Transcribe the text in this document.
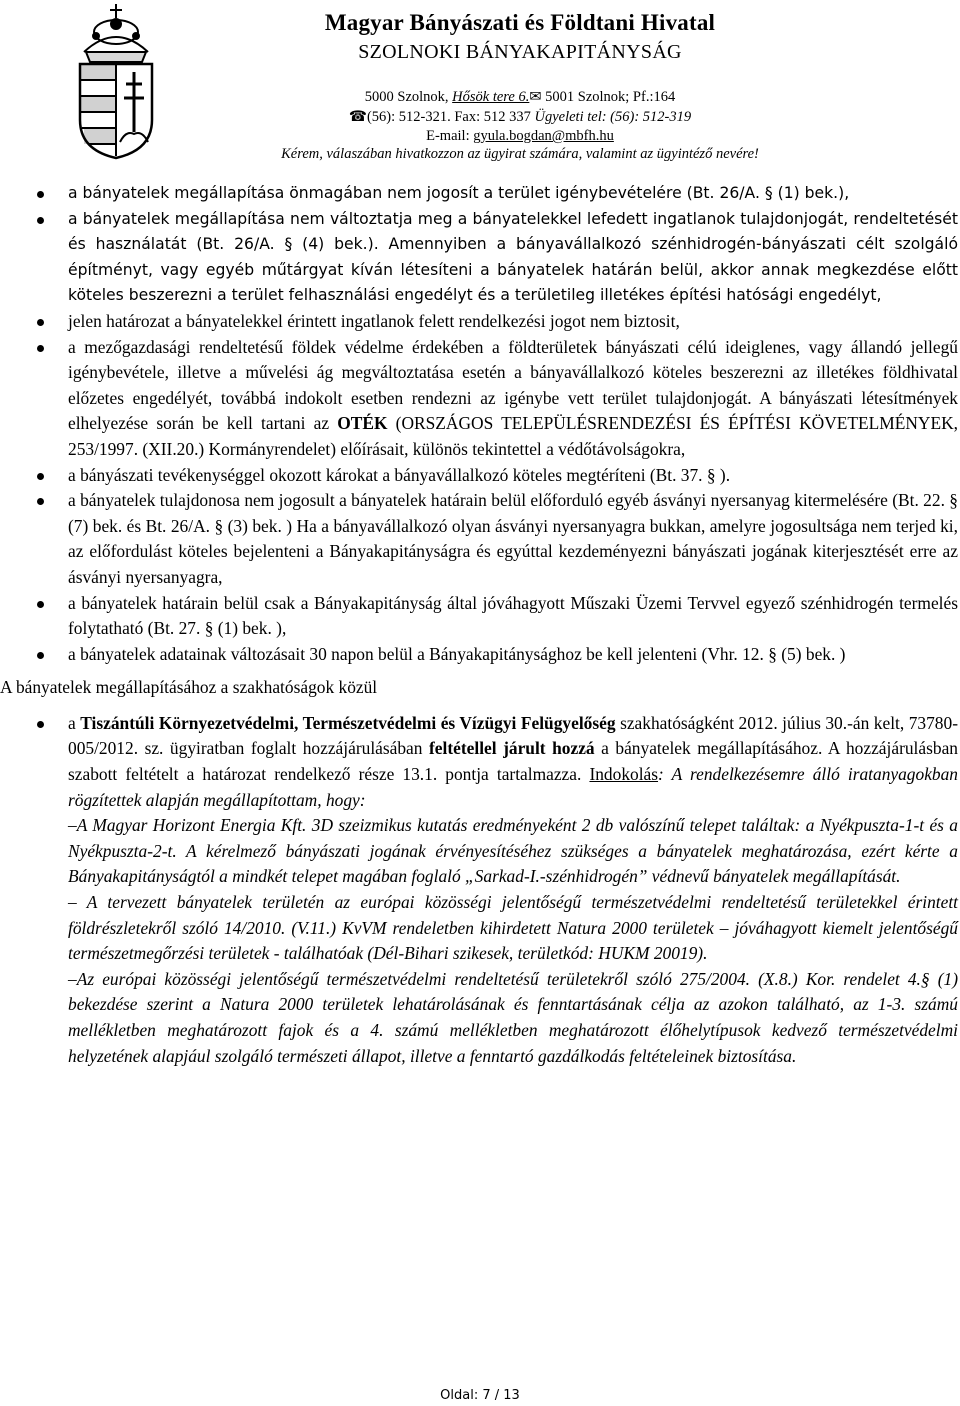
Magyar Bányászati és Földtani Hivatal
SZOLNOKI BÁNYAKAPITÁNYSÁG
5000 Szolnok, Hősök tere 6.✉ 5001 Szolnok; Pf.:164
☎(56): 512-321. Fax: 512 337 Ügyeleti tel: (56): 512-319
E-mail: gyula.bogdan@mbfh.hu
Kérem, válaszában hivatkozzon az ügyirat számára, valamint az ügyintéző nevére!
a bányatelek megállapítása önmagában nem jogosít a terület igénybevételére (Bt. 26/A. § (1) bek.),
a bányatelek megállapítása nem változtatja meg a bányatelekkel lefedett ingatlanok tulajdonjogát, rendeltetését és használatát (Bt. 26/A. § (4) bek.). Amennyiben a bányavállalkozó szénhidrogén-bányászati célt szolgáló építményt, vagy egyéb műtárgyat kíván létesíteni a bányatelek határán belül, akkor annak megkezdése előtt köteles beszerezni a terület felhasználási engedélyt és a területileg illetékes építési hatósági engedélyt,
jelen határozat a bányatelekkel érintett ingatlanok felett rendelkezési jogot nem biztosit,
a mezőgazdasági rendeltetésű földek védelme érdekében a földterületek bányászati célú ideiglenes, vagy állandó jellegű igénybevétele, illetve a művelési ág megváltoztatása esetén a bányavállalkozó köteles beszerezni az illetékes földhivatal előzetes engedélyét, továbbá indokolt esetben rendezni az igénybe vett terület tulajdonjogát. A bányászati létesítmények elhelyezése során be kell tartani az OTÉK (ORSZÁGOS TELEPÜLÉSRENDEZÉSI ÉS ÉPÍTÉSI KÖVETELMÉNYEK, 253/1997. (XII.20.) Kormányrendelet) előírásait, különös tekintettel a védőtávolságokra,
a bányászati tevékenységgel okozott károkat a bányavállalkozó köteles megtéríteni (Bt. 37. § ).
a bányatelek tulajdonosa nem jogosult a bányatelek határain belül előforduló egyéb ásványi nyersanyag kitermelésére (Bt. 22. § (7) bek. és Bt. 26/A. § (3) bek. ) Ha a bányavállalkozó olyan ásványi nyersanyagra bukkan, amelyre jogosultsága nem terjed ki, az előfordulást köteles bejelenteni a Bányakapitányságra és egyúttal kezdeményezni bányászati jogának kiterjesztését erre az ásványi nyersanyagra,
a bányatelek határain belül csak a Bányakapitányság által jóváhagyott Műszaki Üzemi Tervvel egyező szénhidrogén termelés folytatható (Bt. 27. § (1) bek. ),
a bányatelek adatainak változásait 30 napon belül a Bányakapitánysághoz be kell jelenteni (Vhr. 12. § (5) bek. )
A bányatelek megállapításához a szakhatóságok közül
a Tiszántúli Környezetvédelmi, Természetvédelmi és Vízügyi Felügyelőség szakhatóságként 2012. július 30.-án kelt, 73780-005/2012. sz. ügyiratban foglalt hozzájárulásában feltétellel járult hozzá a bányatelek megállapításához. A hozzájárulásban szabott feltételt a határozat rendelkező része 13.1. pontja tartalmazza. Indokolás: A rendelkezésemre álló iratanyagokban rögzítettek alapján megállapítottam, hogy:
–A Magyar Horizont Energia Kft. 3D szeizmikus kutatás eredményeként 2 db valószínű telepet találtak: a Nyékpuszta-1-t és a Nyékpuszta-2-t. A kérelmező bányászati jogának érvényesítéséhez szükséges a bányatelek meghatározása, ezért kérte a Bányakapitányságtól a mindkét telepet magában foglaló „Sarkad-I.-szénhidrogén” védnevű bányatelek megállapítását.
– A tervezett bányatelek területén az európai közösségi jelentőségű természetvédelmi rendeltetésű területekkel érintett földrészletekről szóló 14/2010. (V.11.) KvVM rendeletben kihirdetett Natura 2000 területek – jóváhagyott kiemelt jelentőségű természetmegőrzési területek - találhatóak (Dél-Bihari szikesek, területkód: HUKM 20019).
–Az európai közösségi jelentőségű természetvédelmi rendeltetésű területekről szóló 275/2004. (X.8.) Kor. rendelet 4.§ (1) bekezdése szerint a Natura 2000 területek lehatárolásának és fenntartásának célja az azokon található, az 1-3. számú mellékletben meghatározott fajok és a 4. számú mellékletben meghatározott élőhelytípusok kedvező természetvédelmi helyzetének alapjául szolgáló természeti állapot, illetve a fenntartó gazdálkodás feltételeinek biztosítása.
Oldal: 7 / 13
